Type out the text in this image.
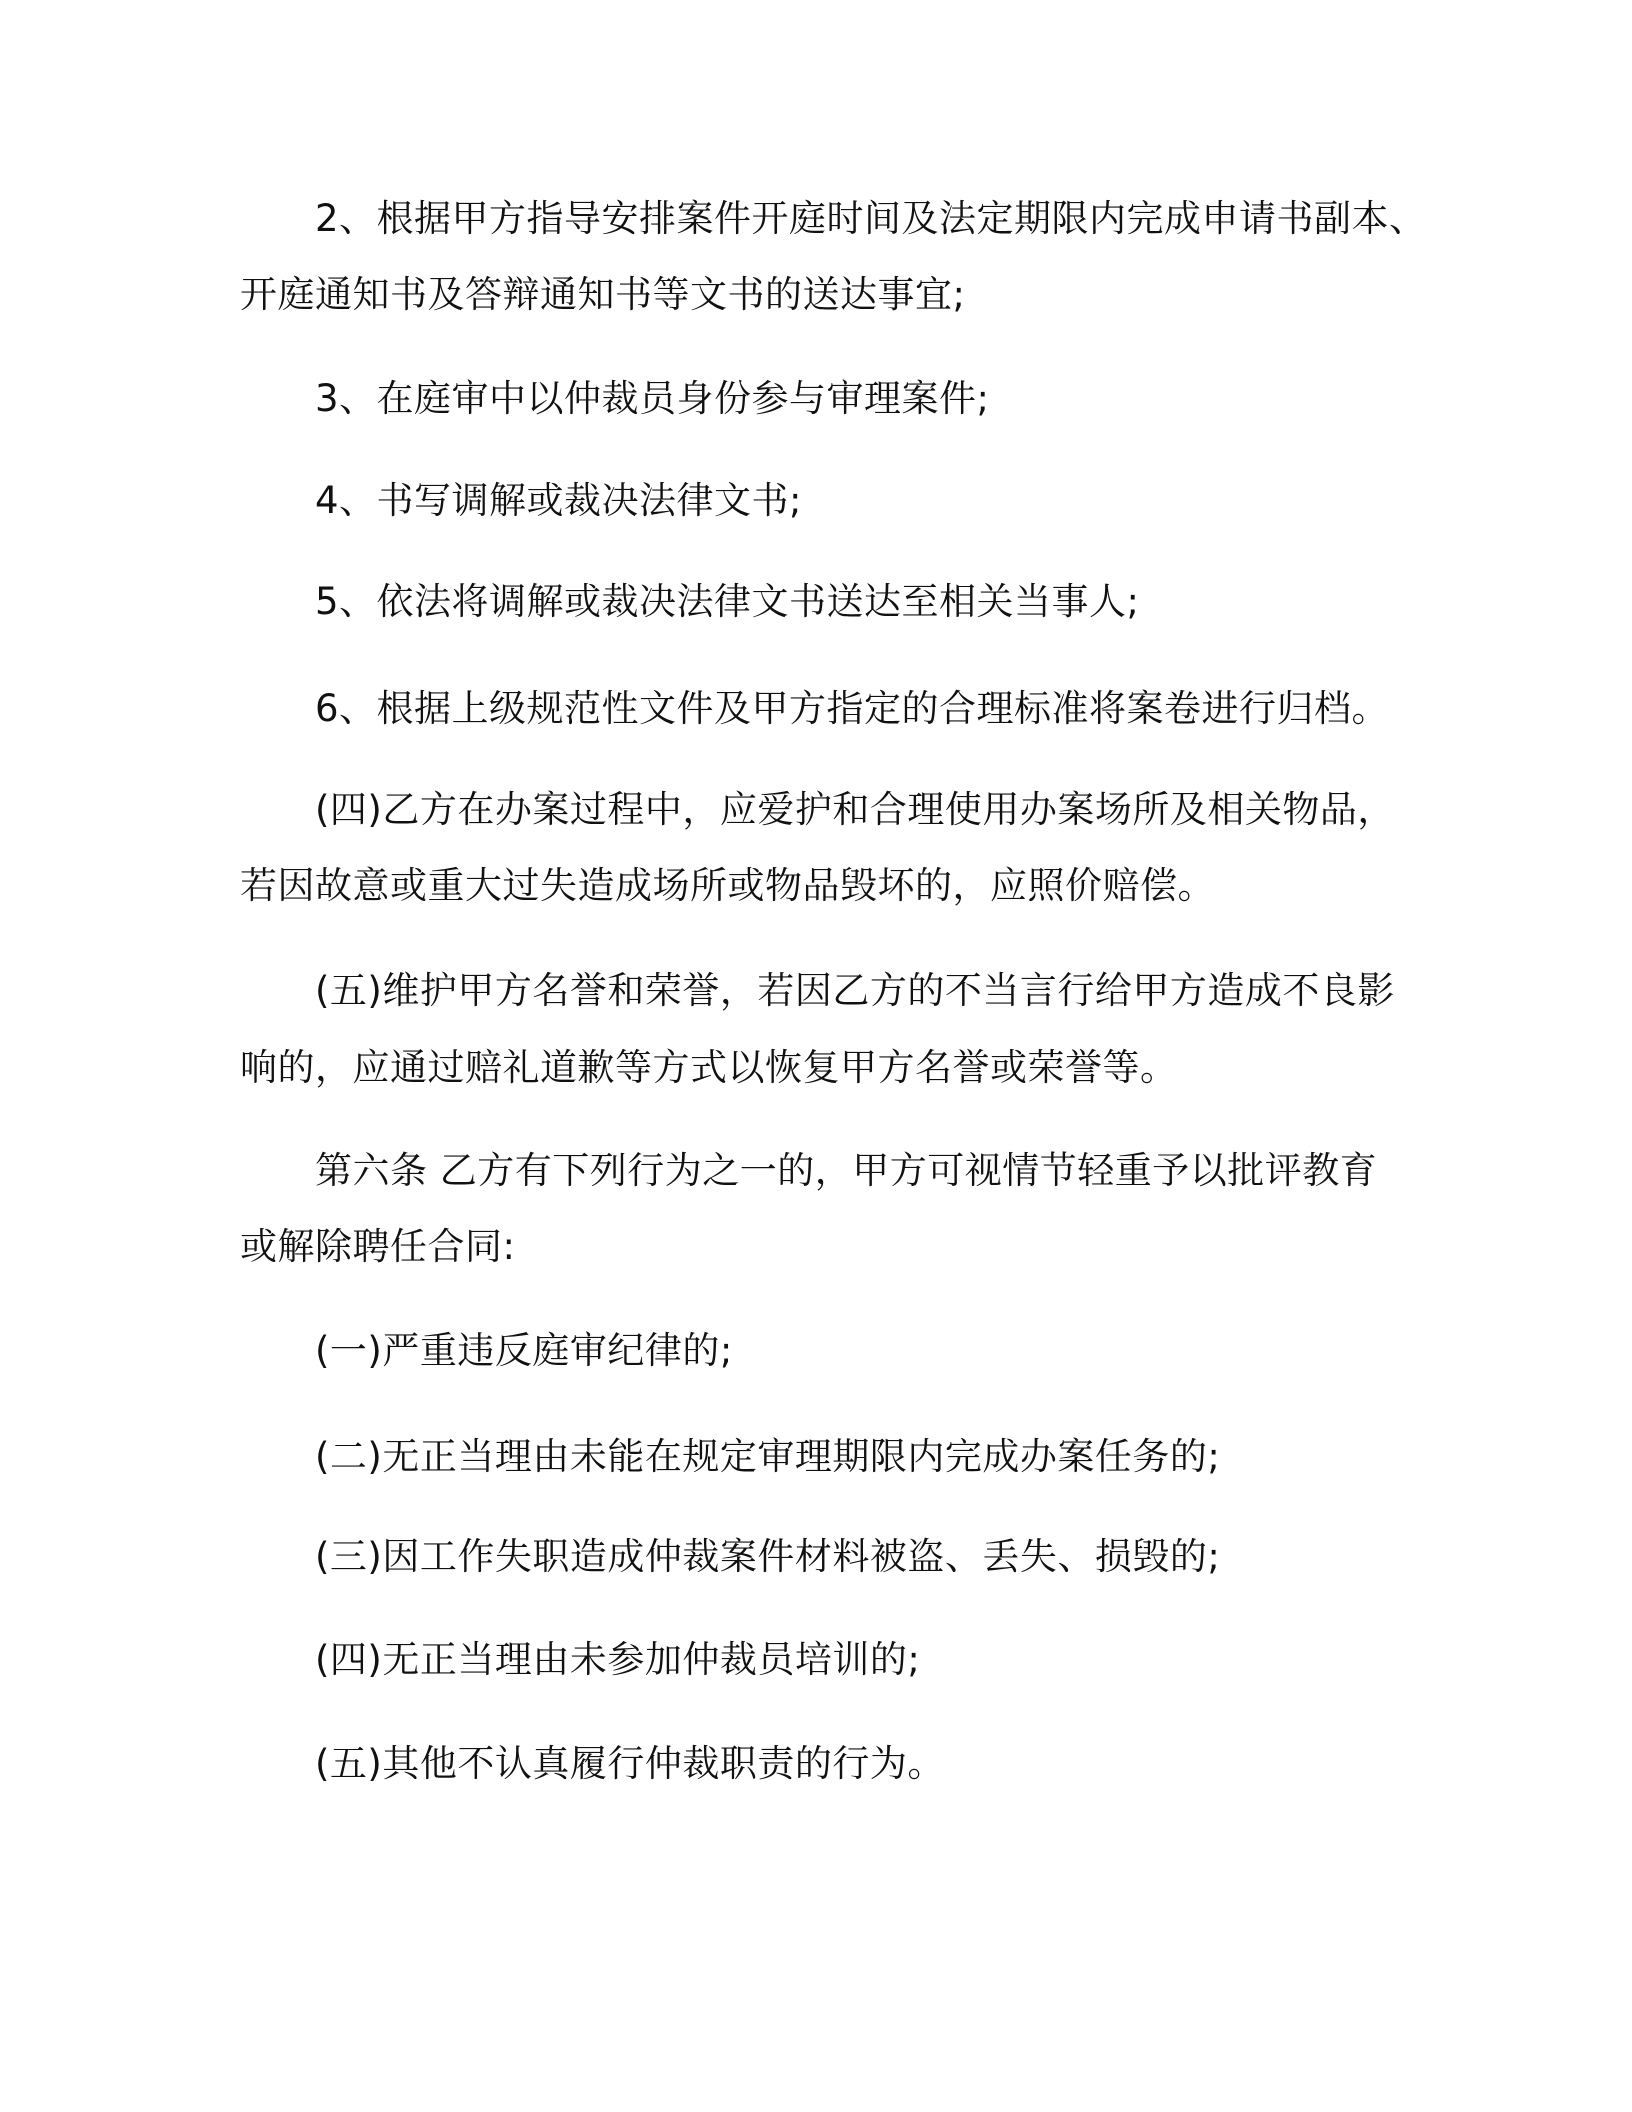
2、根据甲方指导安排案件开庭时间及法定期限内完成申请书副本、
开庭通知书及答辩通知书等文书的送达事宜;
3、在庭审中以仲裁员身份参与审理案件;
4、书写调解或裁决法律文书;
5、依法将调解或裁决法律文书送达至相关当事人;
6、根据上级规范性文件及甲方指定的合理标准将案卷进行归档。
(四)乙方在办案过程中，应爱护和合理使用办案场所及相关物品，
若因故意或重大过失造成场所或物品毁坏的，应照价赔偿。
(五)维护甲方名誉和荣誉，若因乙方的不当言行给甲方造成不良影
响的，应通过赔礼道歉等方式以恢复甲方名誉或荣誉等。
第六条 乙方有下列行为之一的，甲方可视情节轻重予以批评教育
或解除聘任合同:
(一)严重违反庭审纪律的;
(二)无正当理由未能在规定审理期限内完成办案任务的;
(三)因工作失职造成仲裁案件材料被盗、丢失、损毁的;
(四)无正当理由未参加仲裁员培训的;
(五)其他不认真履行仲裁职责的行为。
